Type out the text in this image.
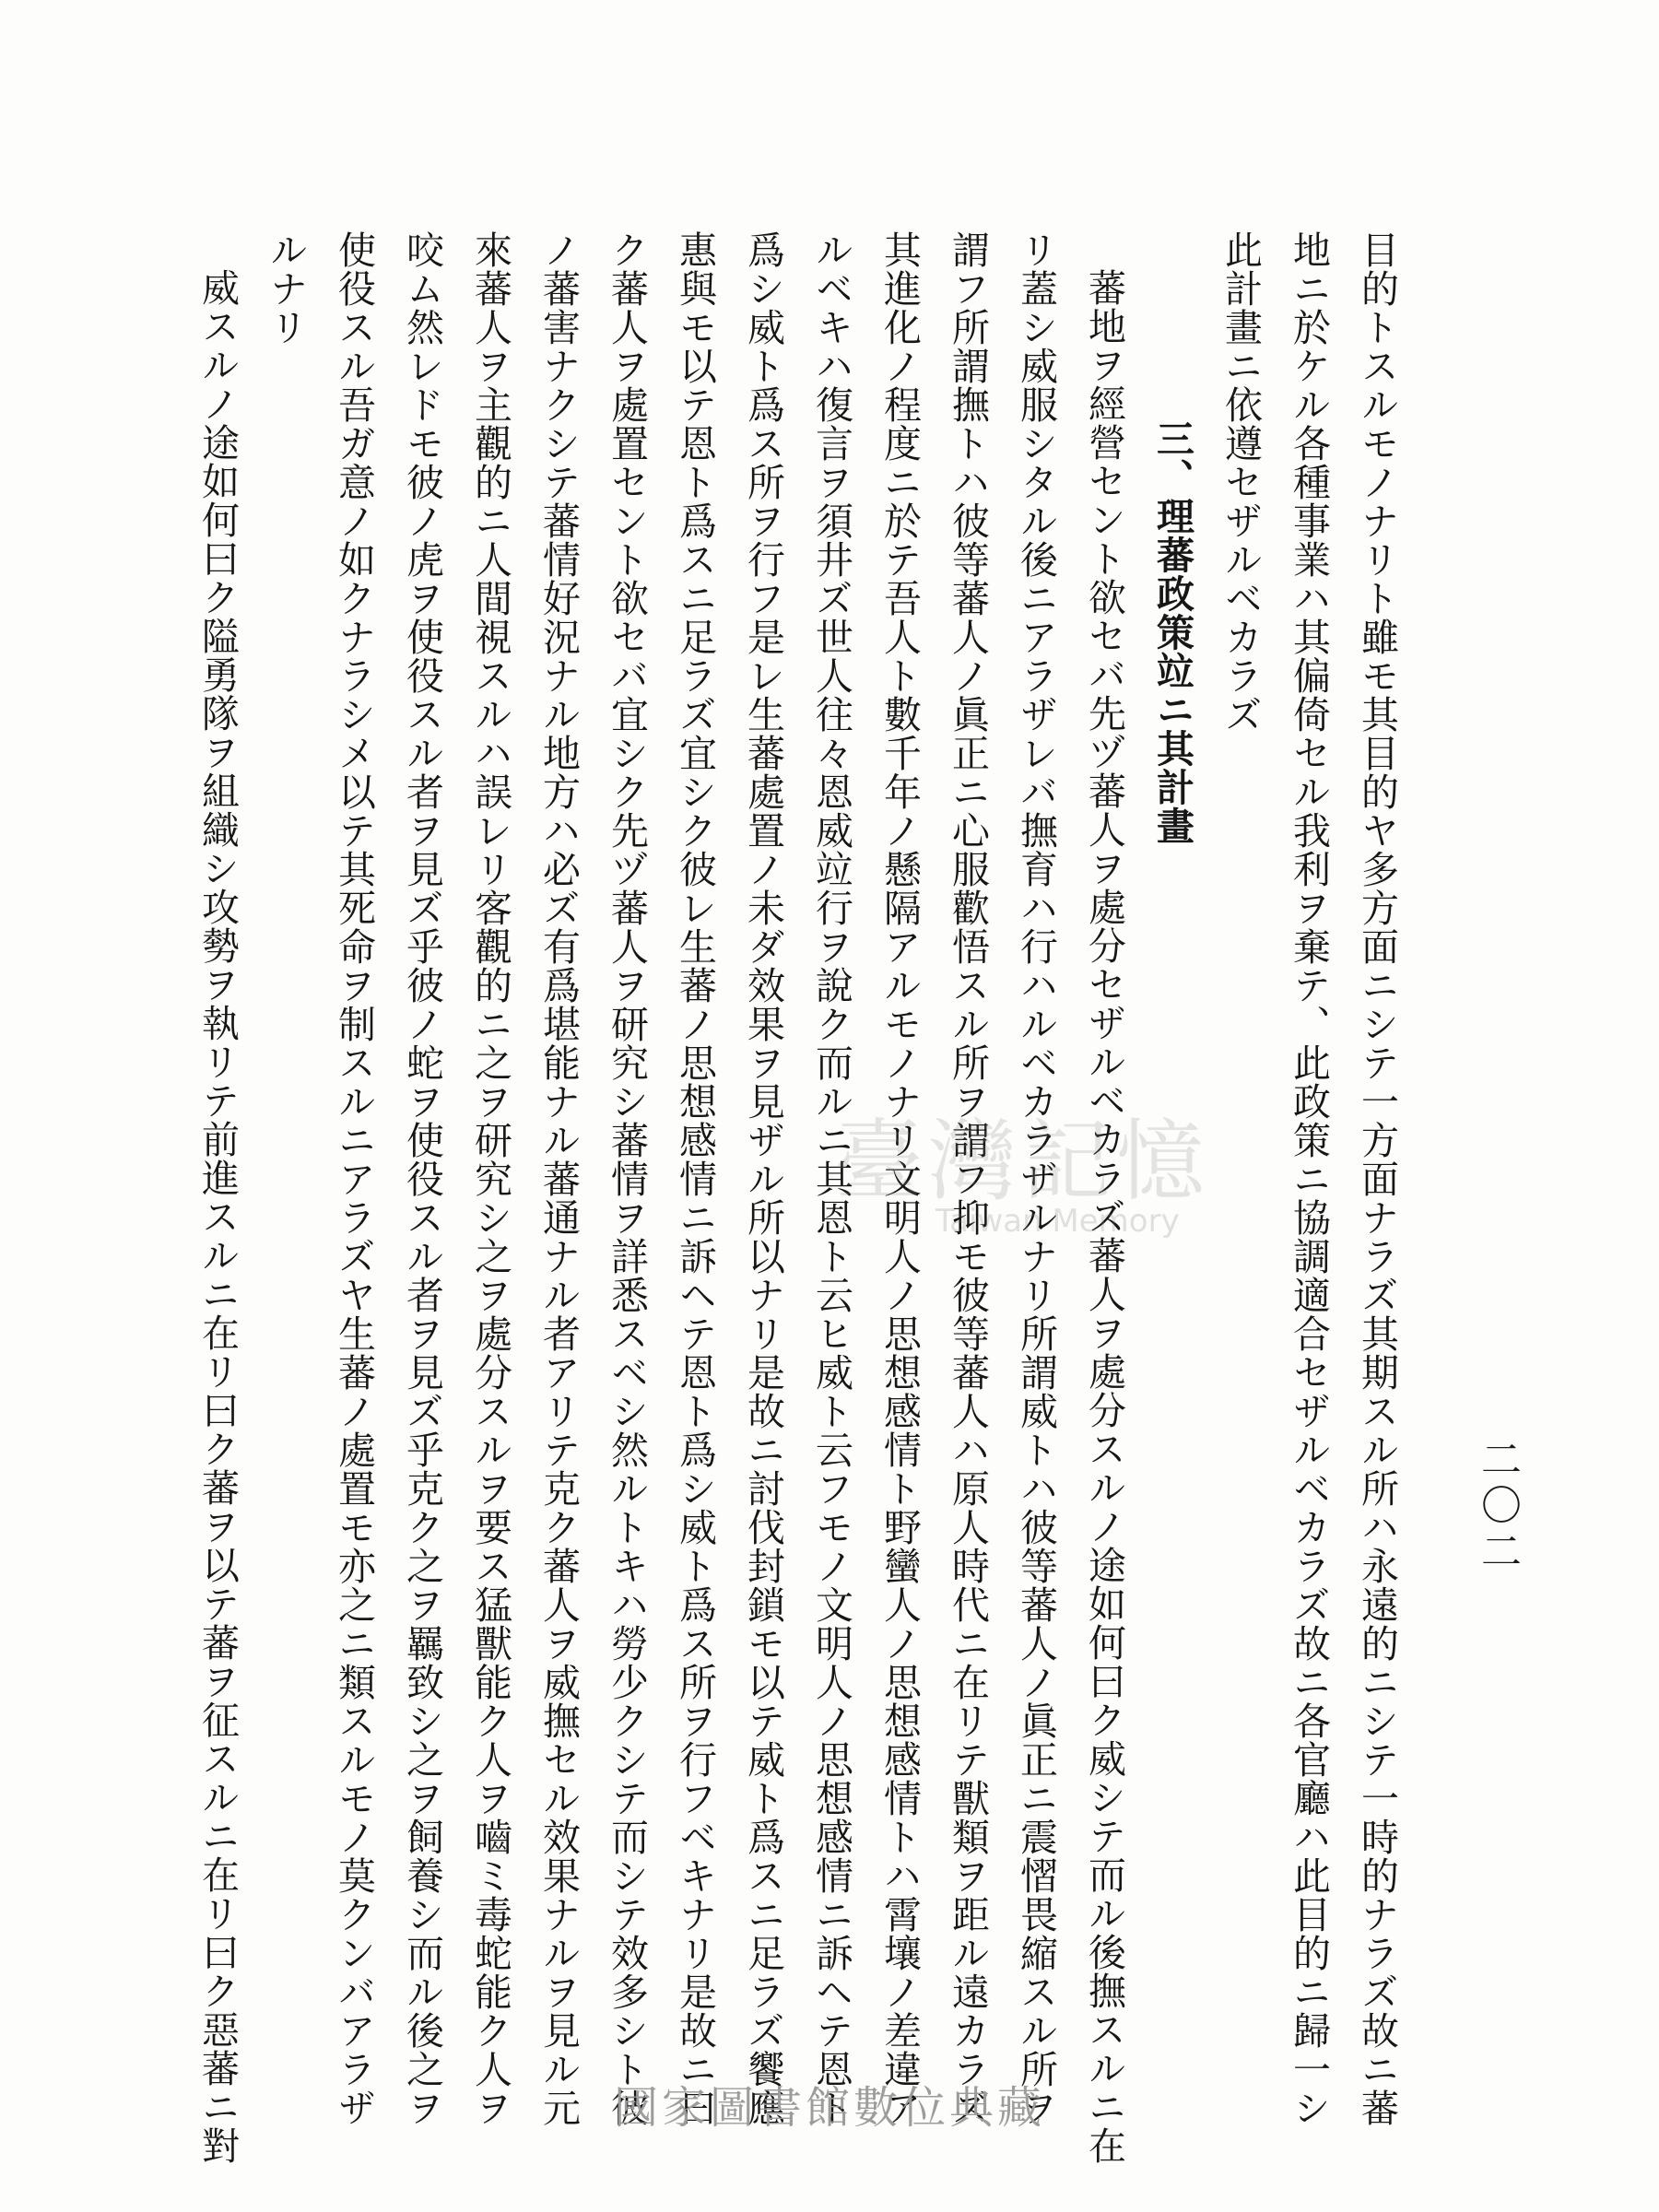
二〇二
目的トスルモノナリト雖モ其目的ヤ多方面ニシテ一方面ナラズ其期スル所ハ永遠的ニシテ一時的ナラズ故ニ蕃
地ニ於ケル各種事業ハ其偏倚セル我利ヲ棄テ、此政策ニ協調適合セザルベカラズ故ニ各官廳ハ此目的ニ歸一シ
此計畫ニ依遵セザルベカラズ
三、理蕃政策竝ニ其計畫
蕃地ヲ經營セント欲セバ先ヅ蕃人ヲ處分セザルベカラズ蕃人ヲ處分スルノ途如何曰ク威シテ而ル後撫スルニ在
リ蓋シ威服シタル後ニアラザレバ撫育ハ行ハルベカラザルナリ所謂威トハ彼等蕃人ノ眞正ニ震慴畏縮スル所ヲ
謂フ所謂撫トハ彼等蕃人ノ眞正ニ心服歡悟スル所ヲ謂フ抑モ彼等蕃人ハ原人時代ニ在リテ獸類ヲ距ル遠カラズ
其進化ノ程度ニ於テ吾人ト數千年ノ懸隔アルモノナリ文明人ノ思想感情ト野蠻人ノ思想感情トハ霄壤ノ差違ア
ルベキハ復言ヲ須井ズ世人往々恩威竝行ヲ說ク而ルニ其恩ト云ヒ威ト云フモノ文明人ノ思想感情ニ訴ヘテ恩ト
爲シ威ト爲ス所ヲ行フ是レ生蕃處置ノ未ダ效果ヲ見ザル所以ナリ是故ニ討伐封鎖モ以テ威ト爲スニ足ラズ饗應
惠與モ以テ恩ト爲スニ足ラズ宜シク彼レ生蕃ノ思想感情ニ訴ヘテ恩ト爲シ威ト爲ス所ヲ行フベキナリ是故ニ曰
ク蕃人ヲ處置セント欲セバ宜シク先ヅ蕃人ヲ研究シ蕃情ヲ詳悉スベシ然ルトキハ勞少クシテ而シテ效多シト彼
ノ蕃害ナクシテ蕃情好況ナル地方ハ必ズ有爲堪能ナル蕃通ナル者アリテ克ク蕃人ヲ威撫セル效果ナルヲ見ル元
來蕃人ヲ主觀的ニ人間視スルハ誤レリ客觀的ニ之ヲ研究シ之ヲ處分スルヲ要ス猛獸能ク人ヲ嚙ミ毒蛇能ク人ヲ
咬ム然レドモ彼ノ虎ヲ使役スル者ヲ見ズ乎彼ノ蛇ヲ使役スル者ヲ見ズ乎克ク之ヲ羈致シ之ヲ飼養シ而ル後之ヲ
使役スル吾ガ意ノ如クナラシメ以テ其死命ヲ制スルニアラズヤ生蕃ノ處置モ亦之ニ類スルモノ莫クンバアラザ
ルナリ
威スルノ途如何曰ク隘勇隊ヲ組織シ攻勢ヲ執リテ前進スルニ在リ曰ク蕃ヲ以テ蕃ヲ征スルニ在リ曰ク惡蕃ニ對	臺灣記憶
Taiwan Memory
國家圖書館數位典藏
